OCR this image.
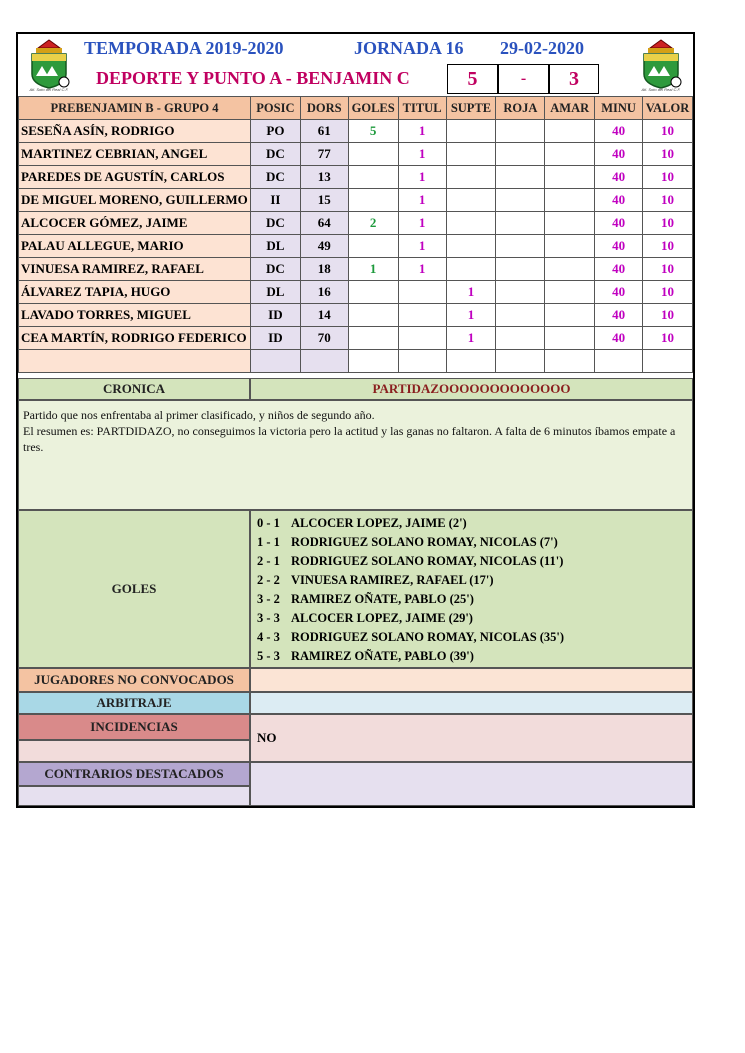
Atl. Soto del Real C.F.
TEMPORADA 2019-2020	JORNADA 16 29-02-2020
DEPORTE Y PUNTO A - BENJAMIN C	5	-	3	Atl. Soto del Real C.F.
PREBENJAMIN B - GRUPO 4	POSIC	DORS	GOLES	TITUL	SUPTE	ROJA	AMAR	MINU	VALOR
SESEÑA ASÍN, RODRIGO	PO	61	5	1				40	10
MARTINEZ CEBRIAN, ANGEL	DC	77		1				40	10
PAREDES DE AGUSTÍN, CARLOS	DC	13		1				40	10
DE MIGUEL MORENO, GUILLERMO	II	15		1				40	10
ALCOCER GÓMEZ, JAIME	DC	64	2	1				40	10
PALAU ALLEGUE, MARIO	DL	49		1				40	10
VINUESA RAMIREZ, RAFAEL	DC	18	1	1				40	10
ÁLVAREZ TAPIA, HUGO	DL	16			1			40	10
LAVADO TORRES, MIGUEL	ID	14			1			40	10
CEA MARTÍN, RODRIGO FEDERICO	ID	70			1			40	10

CRONICA	PARTIDAZOOOOOOOOOOOOO
Partido que nos enfrentaba al primer clasificado, y niños de segundo año.
El resumen es: PARTDIDAZO, no conseguimos la victoria pero la actitud y las ganas no faltaron. A falta de 6 minutos íbamos empate a tres.
GOLES
0 - 1 ALCOCER LOPEZ, JAIME (2')
1 - 1 RODRIGUEZ SOLANO ROMAY, NICOLAS (7')
2 - 1 RODRIGUEZ SOLANO ROMAY, NICOLAS (11')
2 - 2 VINUESA RAMIREZ, RAFAEL (17')
3 - 2 RAMIREZ OÑATE, PABLO (25')
3 - 3 ALCOCER LOPEZ, JAIME (29')
4 - 3 RODRIGUEZ SOLANO ROMAY, NICOLAS (35')
5 - 3 RAMIREZ OÑATE, PABLO (39')
JUGADORES NO CONVOCADOS
ARBITRAJE
INCIDENCIAS
NO
CONTRARIOS DESTACADOS
